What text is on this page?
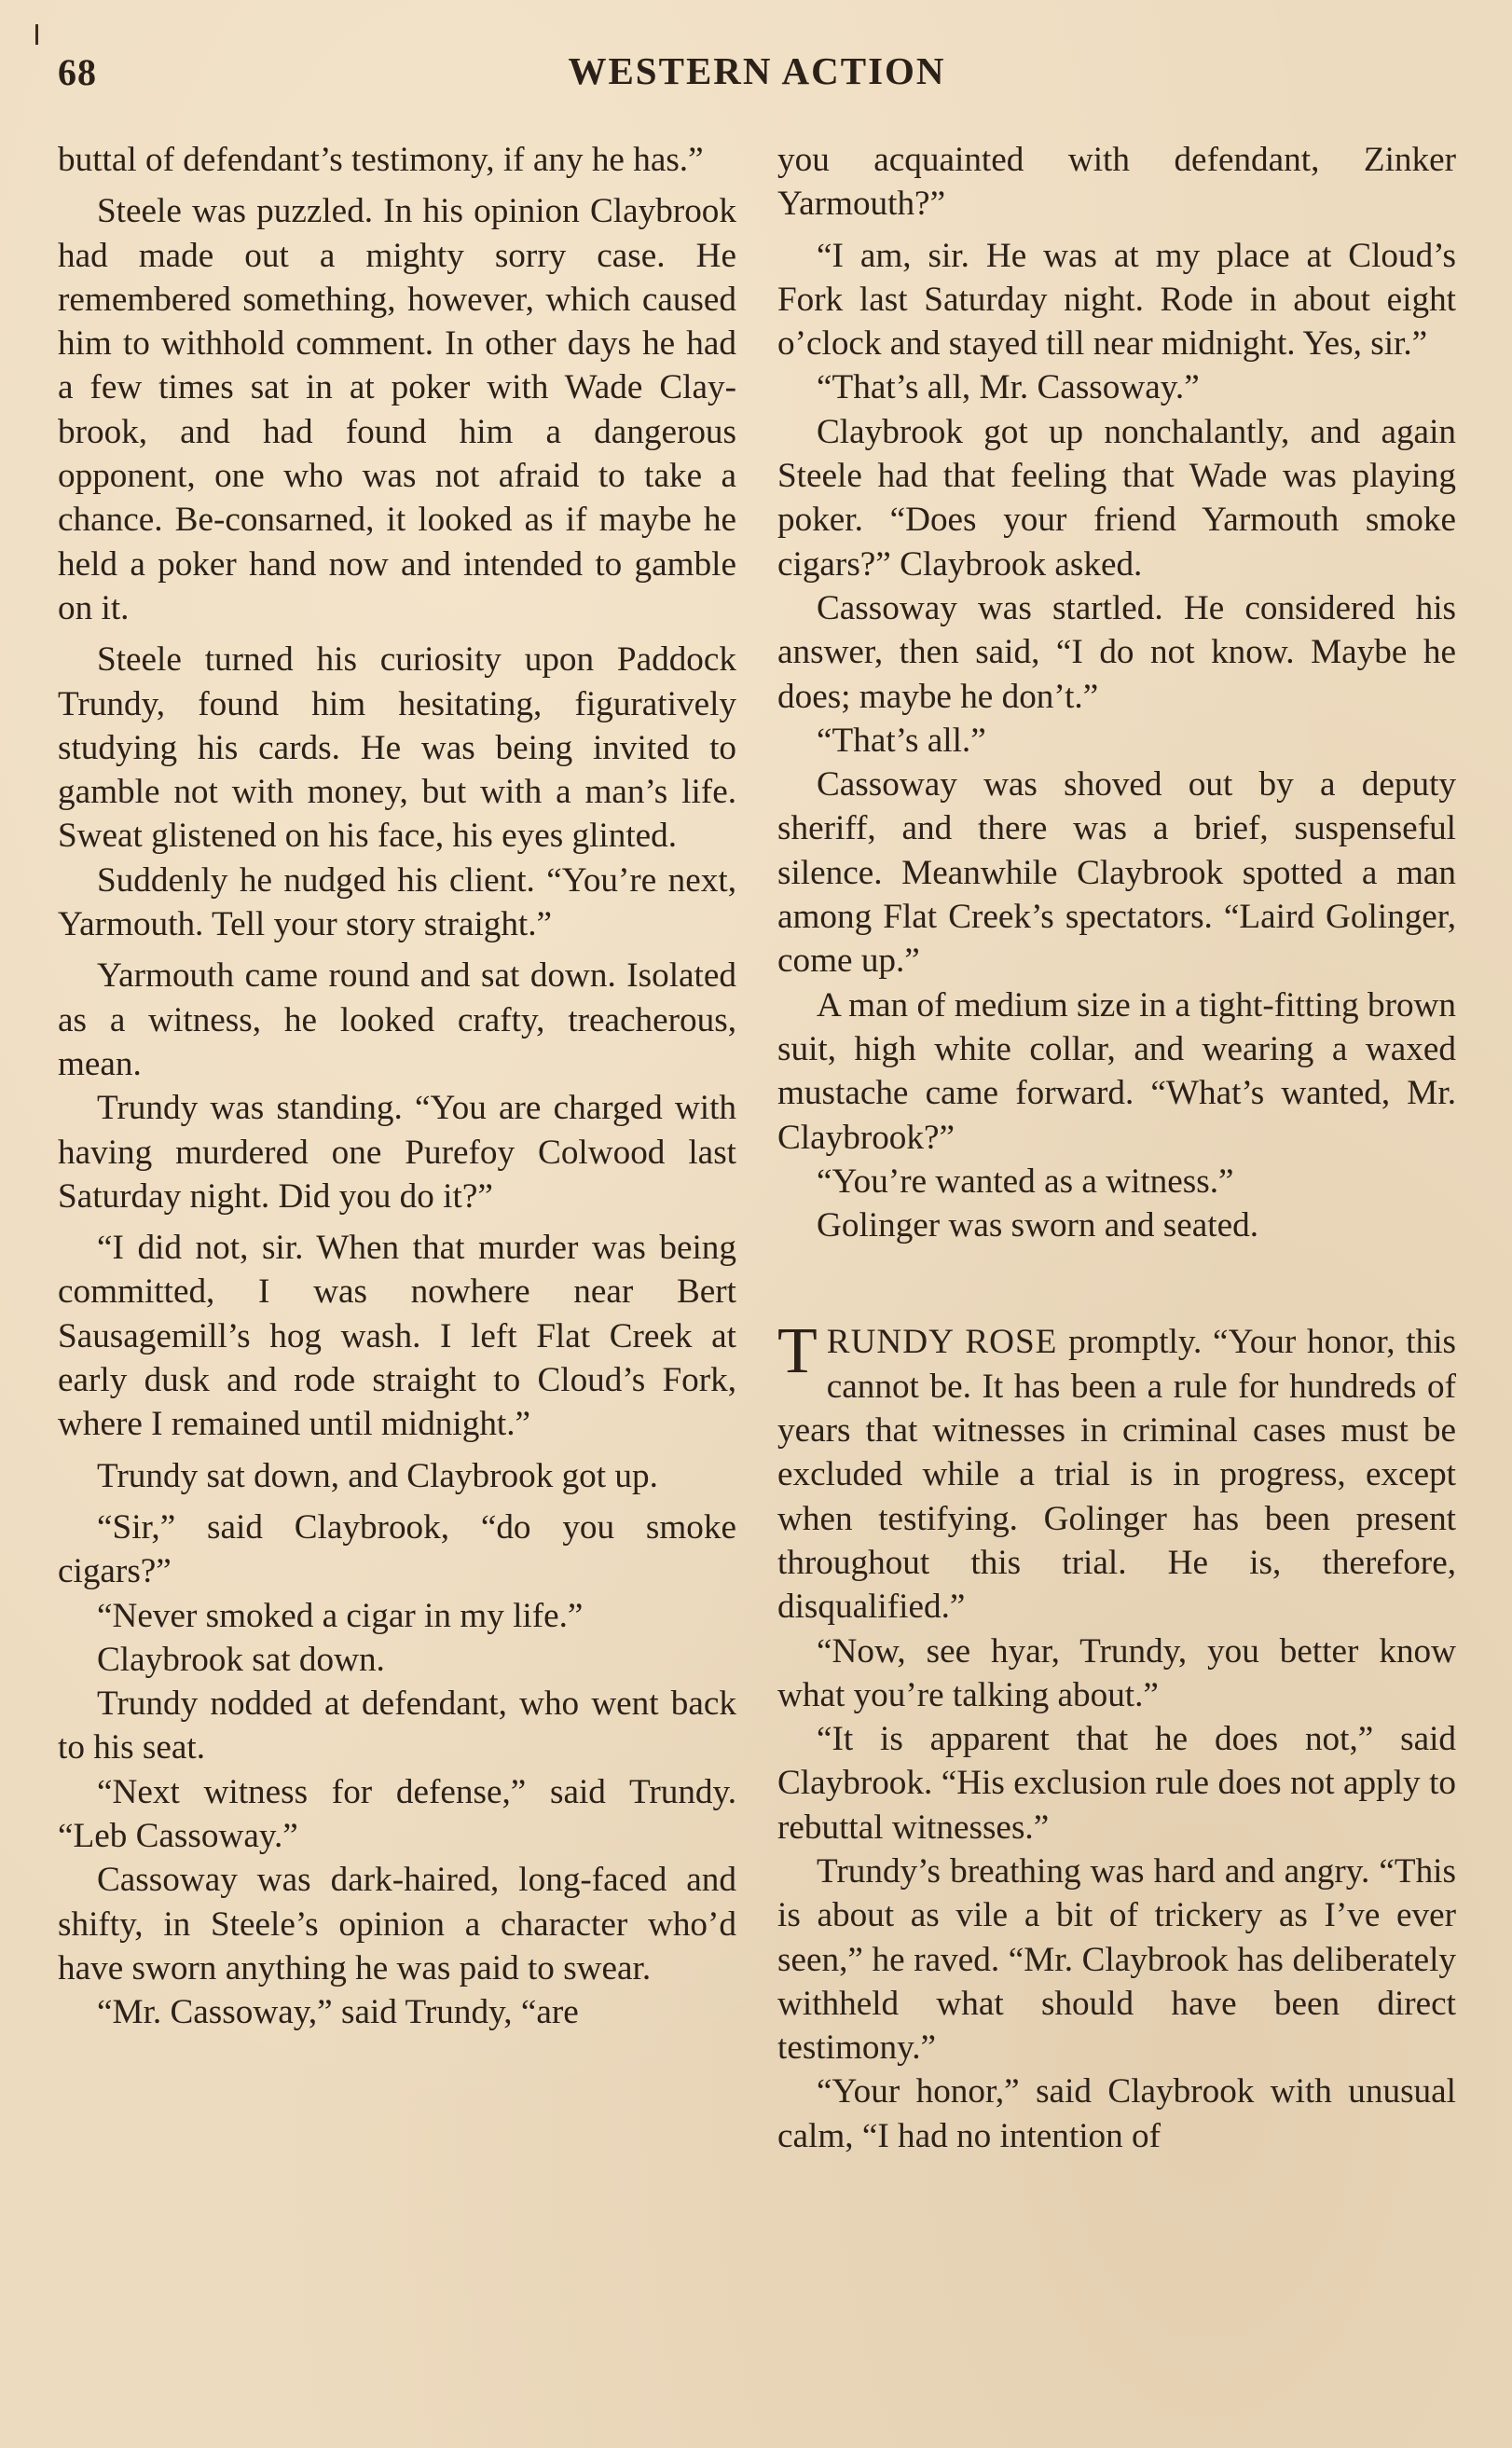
68	WESTERN ACTION

buttal of defendant’s testimony, if any he has.”

Steele was puzzled. In his opinion Claybrook had made out a mighty sorry case. He remembered something, however, which caused him to withhold comment. In other days he had a few times sat in at poker with Wade Claybrook, and had found him a dangerous opponent, one who was not afraid to take a chance. Be-consarned, it looked as if maybe he held a poker hand now and intended to gamble on it.

Steele turned his curiosity upon Paddock Trundy, found him hesitating, figuratively studying his cards. He was being invited to gamble not with money, but with a man’s life. Sweat glistened on his face, his eyes glinted.

Suddenly he nudged his client. “You’re next, Yarmouth. Tell your story straight.”

Yarmouth came round and sat down. Isolated as a witness, he looked crafty, treacherous, mean.

Trundy was standing. “You are charged with having murdered one Purefoy Colwood last Saturday night. Did you do it?”

“I did not, sir. When that murder was being committed, I was nowhere near Bert Sausagemill’s hog wash. I left Flat Creek at early dusk and rode straight to Cloud’s Fork, where I remained until midnight.”

Trundy sat down, and Claybrook got up.

“Sir,” said Claybrook, “do you smoke cigars?”

“Never smoked a cigar in my life.”

Claybrook sat down.

Trundy nodded at defendant, who went back to his seat.

“Next witness for defense,” said Trundy. “Leb Cassoway.”

Cassoway was dark-haired, long-faced and shifty, in Steele’s opinion a character who’d have sworn anything he was paid to swear.

“Mr. Cassoway,” said Trundy, “are

you acquainted with defendant, Zinker Yarmouth?”

“I am, sir. He was at my place at Cloud’s Fork last Saturday night. Rode in about eight o’clock and stayed till near midnight. Yes, sir.”

“That’s all, Mr. Cassoway.”

Claybrook got up nonchalantly, and again Steele had that feeling that Wade was playing poker. “Does your friend Yarmouth smoke cigars?” Claybrook asked.

Cassoway was startled. He considered his answer, then said, “I do not know. Maybe he does; maybe he don’t.”

“That’s all.”

Cassoway was shoved out by a deputy sheriff, and there was a brief, suspenseful silence. Meanwhile Claybrook spotted a man among Flat Creek’s spectators. “Laird Golinger, come up.”

A man of medium size in a tight-fitting brown suit, high white collar, and wearing a waxed mustache came forward. “What’s wanted, Mr. Claybrook?”

“You’re wanted as a witness.”

Golinger was sworn and seated.

TRUNDY ROSE promptly. “Your honor, this cannot be. It has been a rule for hundreds of years that witnesses in criminal cases must be excluded while a trial is in progress, except when testifying. Golinger has been present throughout this trial. He is, therefore, disqualified.”

“Now, see hyar, Trundy, you better know what you’re talking about.”

“It is apparent that he does not,” said Claybrook. “His exclusion rule does not apply to rebuttal witnesses.”

Trundy’s breathing was hard and angry. “This is about as vile a bit of trickery as I’ve ever seen,” he raved. “Mr. Claybrook has deliberately withheld what should have been direct testimony.”

“Your honor,” said Claybrook with unusual calm, “I had no intention of
